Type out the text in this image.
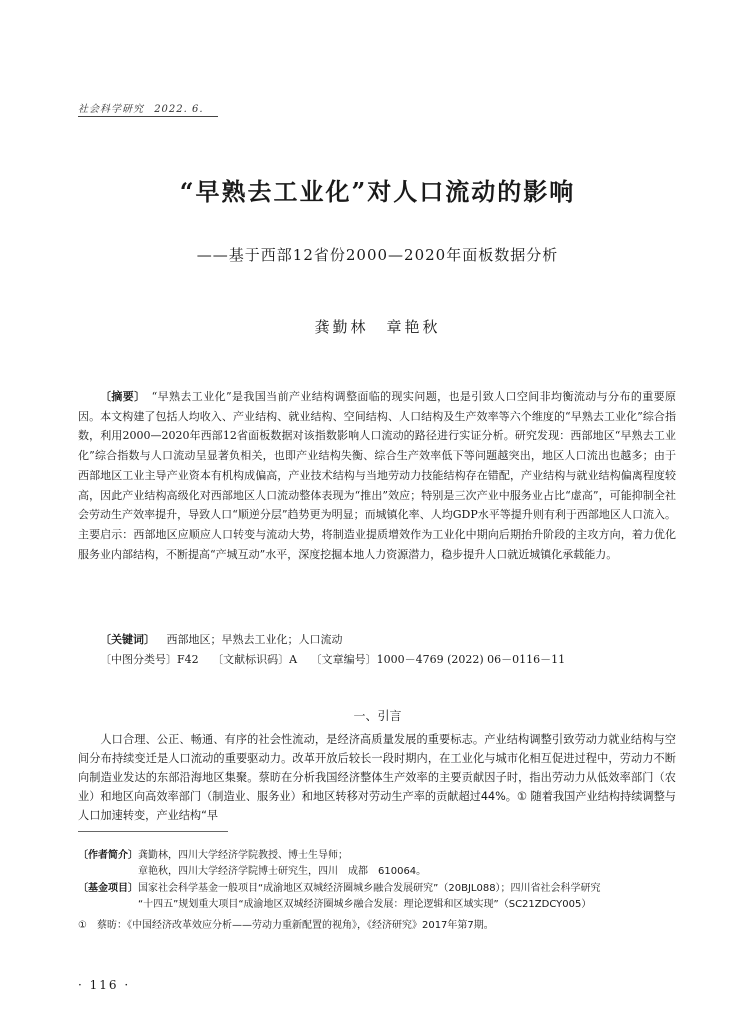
社会科学研究 2022. 6.
“早熟去工业化”对人口流动的影响
——基于西部12省份2000—2020年面板数据分析
龚勤林　章艳秋
〔摘要〕 “早熟去工业化”是我国当前产业结构调整面临的现实问题，也是引致人口空间非均衡流动与分布的重要原因。本文构建了包括人均收入、产业结构、就业结构、空间结构、人口结构及生产效率等六个维度的“早熟去工业化”综合指数，利用2000—2020年西部12省面板数据对该指数影响人口流动的路径进行实证分析。研究发现：西部地区“早熟去工业化”综合指数与人口流动呈显著负相关，也即产业结构失衡、综合生产效率低下等问题越突出，地区人口流出也越多；由于西部地区工业主导产业资本有机构成偏高，产业技术结构与当地劳动力技能结构存在错配，产业结构与就业结构偏离程度较高，因此产业结构高级化对西部地区人口流动整体表现为“推出”效应；特别是三次产业中服务业占比“虚高”，可能抑制全社会劳动生产效率提升，导致人口“顺逆分层”趋势更为明显；而城镇化率、人均GDP水平等提升则有利于西部地区人口流入。主要启示：西部地区应顺应人口转变与流动大势，将制造业提质增效作为工业化中期向后期抬升阶段的主攻方向，着力优化服务业内部结构，不断提高“产城互动”水平，深度挖掘本地人力资源潜力，稳步提升人口就近城镇化承载能力。
〔关键词〕 西部地区；早熟去工业化；人口流动
〔中图分类号〕F42 〔文献标识码〕A 〔文章编号〕1000－4769 (2022) 06－0116－11
一、引言
人口合理、公正、畅通、有序的社会性流动，是经济高质量发展的重要标志。产业结构调整引致劳动力就业结构与空间分布持续变迁是人口流动的重要驱动力。改革开放后较长一段时期内，在工业化与城市化相互促进过程中，劳动力不断向制造业发达的东部沿海地区集聚。蔡昉在分析我国经济整体生产效率的主要贡献因子时，指出劳动力从低效率部门（农业）和地区向高效率部门（制造业、服务业）和地区转移对劳动生产率的贡献超过44%。① 随着我国产业结构持续调整与人口加速转变，产业结构“早
〔作者简介〕龚勤林，四川大学经济学院教授、博士生导师；
章艳秋，四川大学经济学院博士研究生，四川　成都　610064。
〔基金项目〕国家社会科学基金一般项目“成渝地区双城经济圈城乡融合发展研究”（20BJL088）；四川省社会科学研究
“十四五”规划重大项目“成渝地区双城经济圈城乡融合发展：理论逻辑和区域实现”（SC21ZDCY005）
①　蔡昉：《中国经济改革效应分析——劳动力重新配置的视角》，《经济研究》2017年第7期。
· 116 ·
